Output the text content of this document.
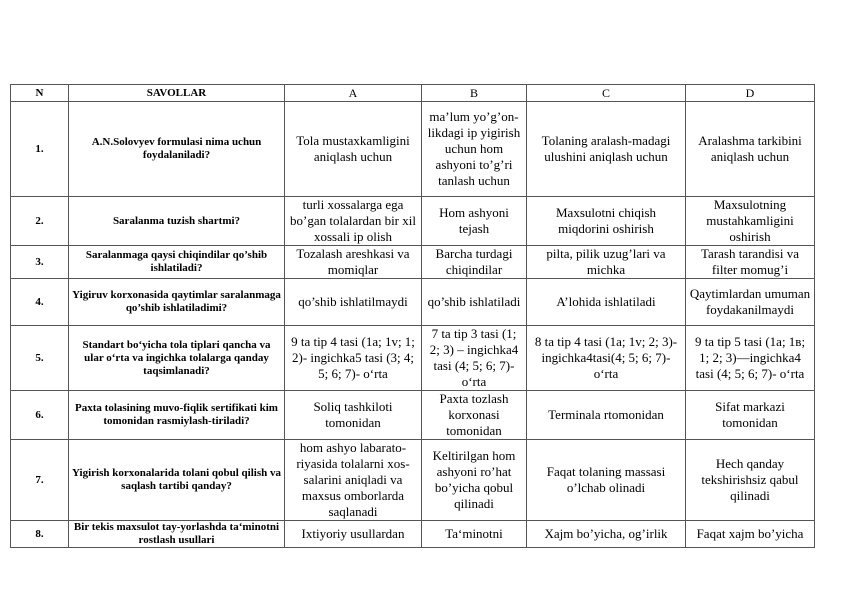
N	SAVOLLAR	A	B	C	D
1.	A.N.Solovyev formulasi nima uchun foydalaniladi?	Tola mustaxkamligini aniqlash uchun	ma’lum yo’g’on-likdagi ip yigirish uchun hom ashyoni to’g’ri tanlash uchun	Tolaning aralash-madagi ulushini aniqlash uchun	Aralashma tarkibini aniqlash uchun
2.	Saralanma tuzish shartmi?	turli xossalarga ega bo’gan tolalardan bir xil xossali ip olish	Hom ashyoni tejash	Maxsulotni chiqish miqdorini oshirish	Maxsulotning mustahkamligini oshirish
3.	Saralanmaga qaysi chiqindilar qo’shib ishlatiladi?	Tozalash areshkasi va momiqlar	Barcha turdagi chiqindilar	pilta, pilik uzug’lari va michka	Tarash tarandisi va filter momug’i
4.	Yigiruv korxonasida qaytimlar saralanmaga qo’shib ishlatiladimi?	qo’shib ishlatilmaydi	qo’shib ishlatiladi	A’lohida ishlatiladi	Qaytimlardan umuman foydakanilmaydi
5.	Standart bo‘yicha tola tiplari qancha va ular o‘rta va ingichka tolalarga qanday taqsimlanadi?	9 ta tip 4 tasi (1a; 1v; 1; 2)- ingichka5 tasi (3; 4; 5; 6; 7)- o‘rta	7 ta tip 3 tasi (1; 2; 3) – ingichka4 tasi (4; 5; 6; 7)- o‘rta	8 ta tip 4 tasi (1a; 1v; 2; 3)-ingichka4tasi(4; 5; 6; 7)- o‘rta	9 ta tip 5 tasi (1a; 1в; 1; 2; 3)—ingichka4 tasi (4; 5; 6; 7)- o‘rta
6.	Paxta tolasining muvo-fiqlik sertifikati kim tomonidan rasmiylash-tiriladi?	Soliq tashkiloti tomonidan	Paxta tozlash korxonasi tomonidan	Terminala rtomonidan	Sifat markazi tomonidan
7.	Yigirish korxonalarida tolani qobul qilish va saqlash tartibi qanday?	hom ashyo labarato-riyasida tolalarni xos-salarini aniqladi va maxsus omborlarda saqlanadi	Keltirilgan hom ashyoni ro’hat bo’yicha qobul qilinadi	Faqat tolaning massasi o’lchab olinadi	Hech qanday tekshirishsiz qabul qilinadi
8.	Bir tekis maxsulot tay-yorlashda ta‘minotni rostlash usullari	Ixtiyoriy usullardan	Ta‘minotni	Xajm bo’yicha, og’irlik	Faqat xajm bo’yicha
